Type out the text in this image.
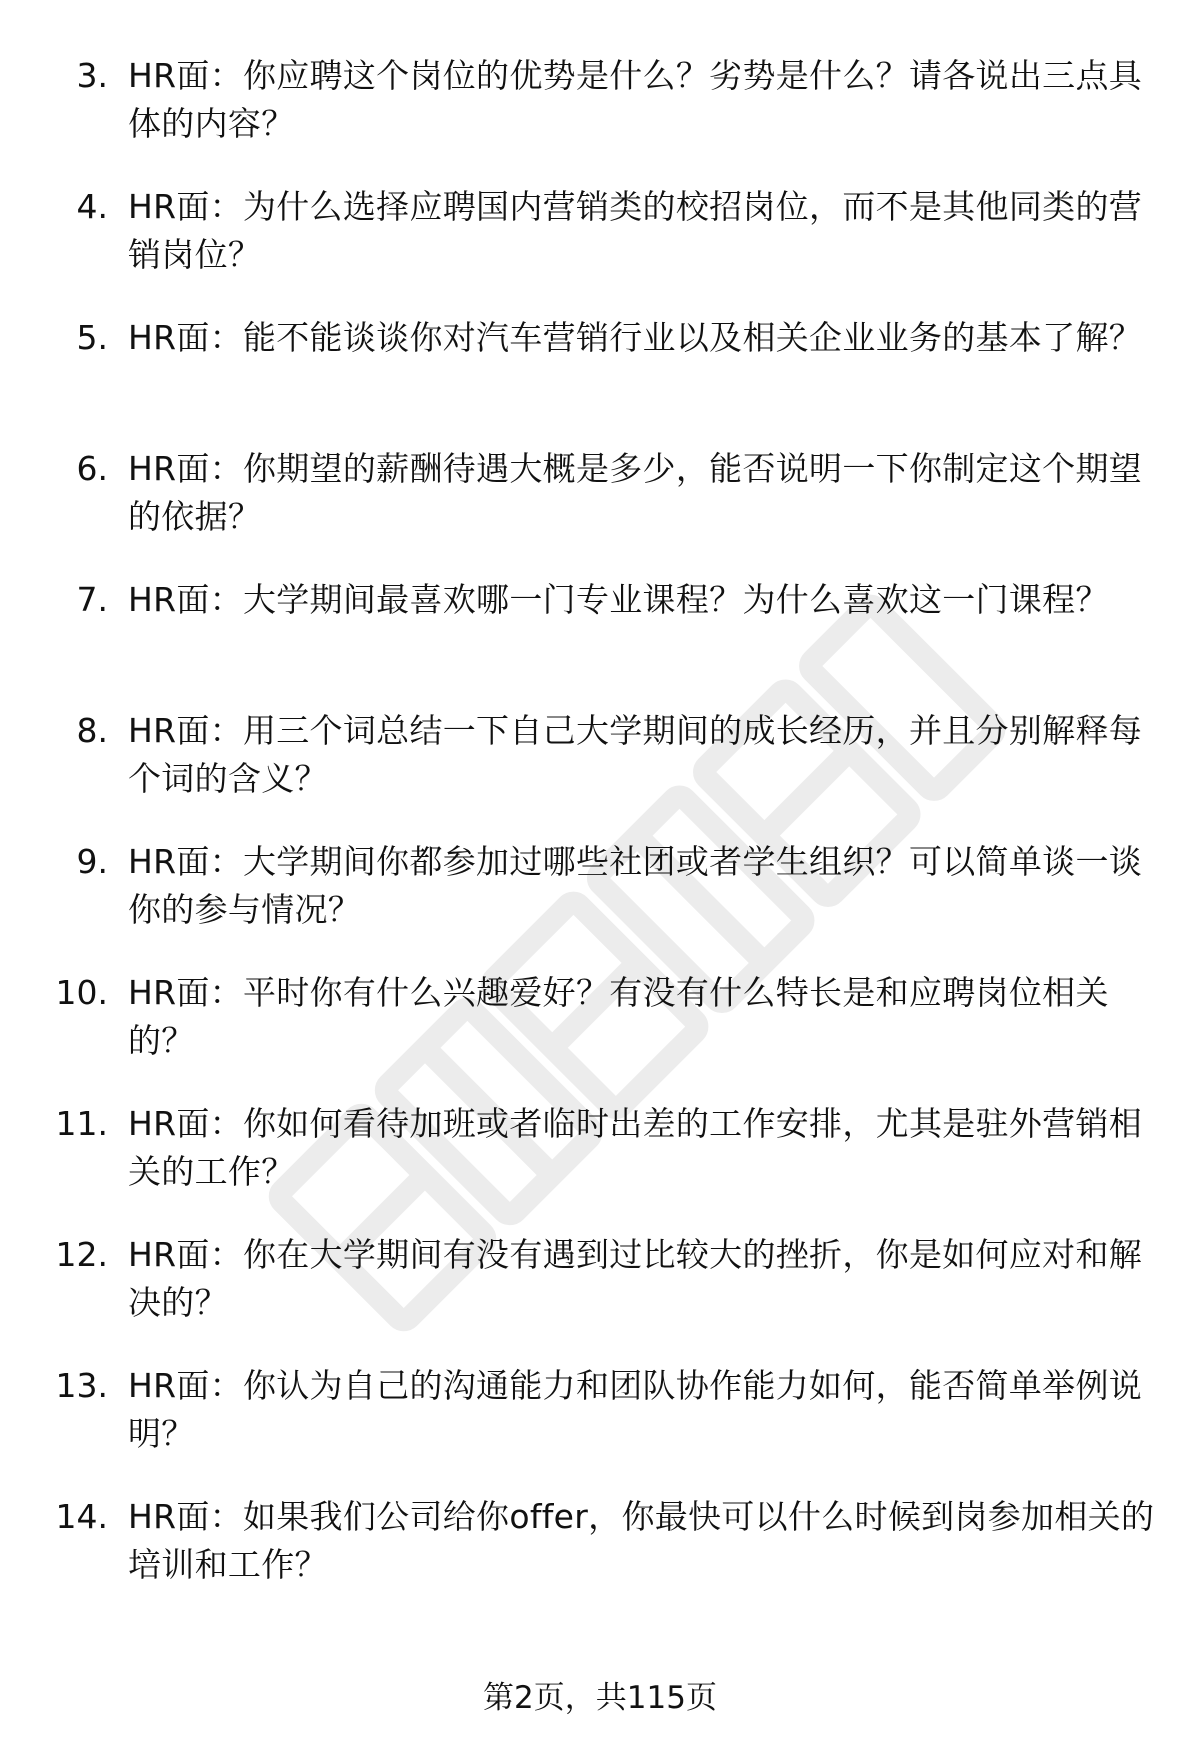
3. HR面：你应聘这个岗位的优势是什么？劣势是什么？请各说出三点具体的内容？
4. HR面：为什么选择应聘国内营销类的校招岗位，而不是其他同类的营销岗位？
5. HR面：能不能谈谈你对汽车营销行业以及相关企业业务的基本了解？
6. HR面：你期望的薪酬待遇大概是多少，能否说明一下你制定这个期望的依据？
7. HR面：大学期间最喜欢哪一门专业课程？为什么喜欢这一门课程？
8. HR面：用三个词总结一下自己大学期间的成长经历，并且分别解释每个词的含义？
9. HR面：大学期间你都参加过哪些社团或者学生组织？可以简单谈一谈你的参与情况？
10. HR面：平时你有什么兴趣爱好？有没有什么特长是和应聘岗位相关的？
11. HR面：你如何看待加班或者临时出差的工作安排，尤其是驻外营销相关的工作？
12. HR面：你在大学期间有没有遇到过比较大的挫折，你是如何应对和解决的？
13. HR面：你认为自己的沟通能力和团队协作能力如何，能否简单举例说明？
14. HR面：如果我们公司给你offer，你最快可以什么时候到岗参加相关的培训和工作？
第2页，共115页
